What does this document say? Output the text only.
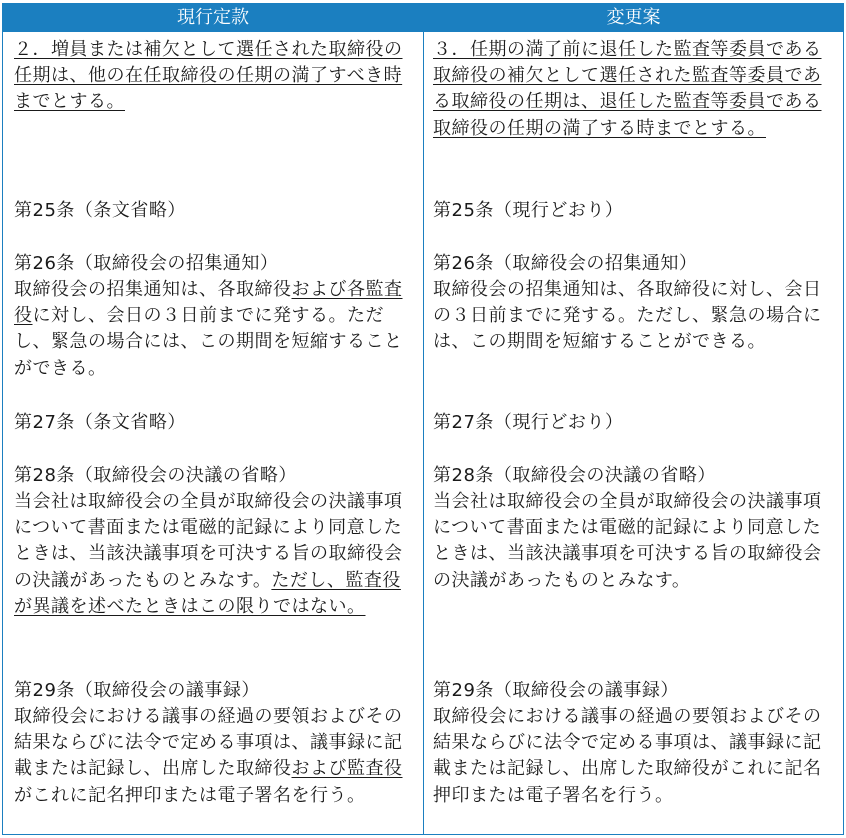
現行定款	変更案
２．増員または補欠として選任された取締役の任期は、他の在任取締役の任期の満了すべき時までとする。
第25条（条文省略）
第26条（取締役会の招集通知）
取締役会の招集通知は、各取締役および各監査役に対し、会日の３日前までに発する。ただし、緊急の場合には、この期間を短縮することができる。
第27条（条文省略）
第28条（取締役会の決議の省略）
当会社は取締役会の全員が取締役会の決議事項について書面または電磁的記録により同意したときは、当該決議事項を可決する旨の取締役会の決議があったものとみなす。ただし、監査役が異議を述べたときはこの限りではない。
第29条（取締役会の議事録）
取締役会における議事の経過の要領およびその結果ならびに法令で定める事項は、議事録に記載または記録し、出席した取締役および監査役がこれに記名押印または電子署名を行う。
３．任期の満了前に退任した監査等委員である取締役の補欠として選任された監査等委員である取締役の任期は、退任した監査等委員である取締役の任期の満了する時までとする。
第25条（現行どおり）
第26条（取締役会の招集通知）
取締役会の招集通知は、各取締役に対し、会日の３日前までに発する。ただし、緊急の場合には、この期間を短縮することができる。
第27条（現行どおり）
第28条（取締役会の決議の省略）
当会社は取締役会の全員が取締役会の決議事項について書面または電磁的記録により同意したときは、当該決議事項を可決する旨の取締役会の決議があったものとみなす。
第29条（取締役会の議事録）
取締役会における議事の経過の要領およびその結果ならびに法令で定める事項は、議事録に記載または記録し、出席した取締役がこれに記名押印または電子署名を行う。
